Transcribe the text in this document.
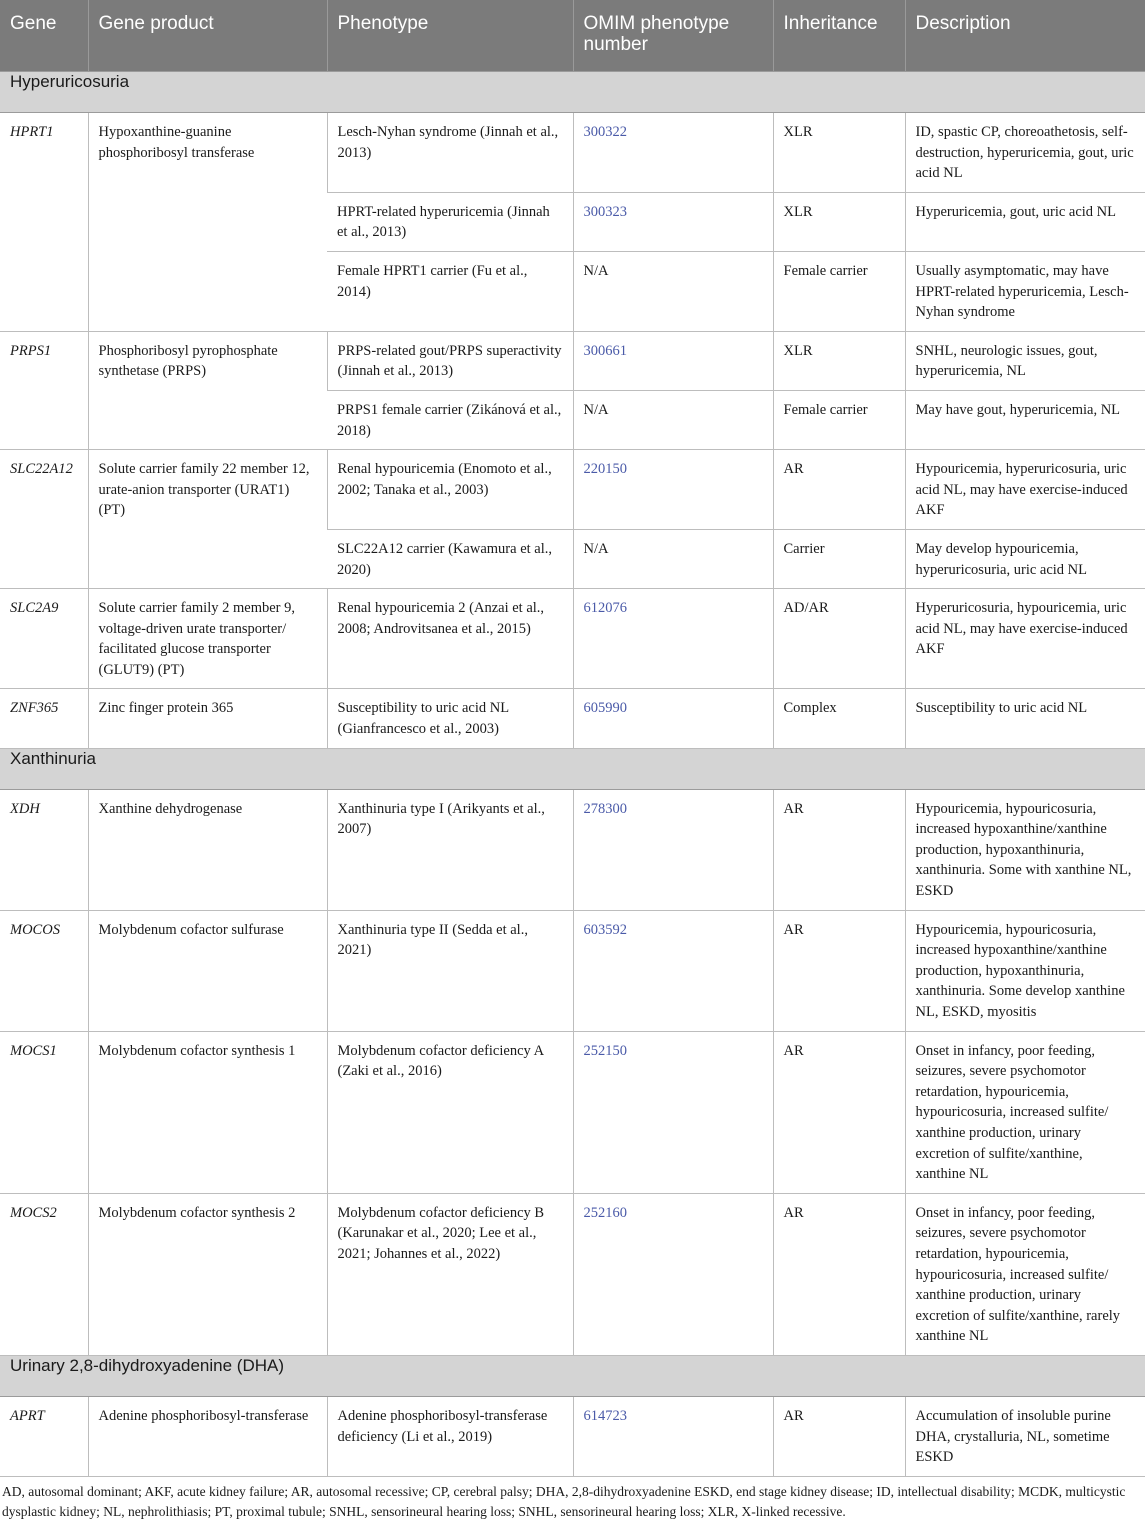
Gene	Gene product	Phenotype	OMIM phenotype number	Inheritance	Description
Hyperuricosuria					
HPRT1	Hypoxanthine-guanine phosphoribosyl transferase	Lesch-Nyhan syndrome (Jinnah et al., 2013)	300322	XLR	ID, spastic CP, choreoathetosis, self-destruction, hyperuricemia, gout, uric acid NL
		HPRT-related hyperuricemia (Jinnah et al., 2013)	300323	XLR	Hyperuricemia, gout, uric acid NL
		Female HPRT1 carrier (Fu et al., 2014)	N/A	Female carrier	Usually asymptomatic, may have HPRT-related hyperuricemia, Lesch-Nyhan syndrome
PRPS1	Phosphoribosyl pyrophosphate synthetase (PRPS)	PRPS-related gout/PRPS superactivity (Jinnah et al., 2013)	300661	XLR	SNHL, neurologic issues, gout, hyperuricemia, NL
		PRPS1 female carrier (Zikánová et al., 2018)	N/A	Female carrier	May have gout, hyperuricemia, NL
SLC22A12	Solute carrier family 22 member 12, urate-anion transporter (URAT1) (PT)	Renal hypouricemia (Enomoto et al., 2002; Tanaka et al., 2003)	220150	AR	Hypouricemia, hyperuricosuria, uric acid NL, may have exercise-induced AKF
		SLC22A12 carrier (Kawamura et al., 2020)	N/A	Carrier	May develop hypouricemia, hyperuricosuria, uric acid NL
SLC2A9	Solute carrier family 2 member 9, voltage-driven urate transporter/ facilitated glucose transporter (GLUT9) (PT)	Renal hypouricemia 2 (Anzai et al., 2008; Androvitsanea et al., 2015)	612076	AD/AR	Hyperuricosuria, hypouricemia, uric acid NL, may have exercise-induced AKF
ZNF365	Zinc finger protein 365	Susceptibility to uric acid NL (Gianfrancesco et al., 2003)	605990	Complex	Susceptibility to uric acid NL
Xanthinuria					
XDH	Xanthine dehydrogenase	Xanthinuria type I (Arikyants et al., 2007)	278300	AR	Hypouricemia, hypouricosuria, increased hypoxanthine/xanthine production, hypoxanthinuria, xanthinuria. Some with xanthine NL, ESKD
MOCOS	Molybdenum cofactor sulfurase	Xanthinuria type II (Sedda et al., 2021)	603592	AR	Hypouricemia, hypouricosuria, increased hypoxanthine/xanthine production, hypoxanthinuria, xanthinuria. Some develop xanthine NL, ESKD, myositis
MOCS1	Molybdenum cofactor synthesis 1	Molybdenum cofactor deficiency A (Zaki et al., 2016)	252150	AR	Onset in infancy, poor feeding, seizures, severe psychomotor retardation, hypouricemia, hypouricosuria, increased sulfite/ xanthine production, urinary excretion of sulfite/xanthine, xanthine NL
MOCS2	Molybdenum cofactor synthesis 2	Molybdenum cofactor deficiency B (Karunakar et al., 2020; Lee et al., 2021; Johannes et al., 2022)	252160	AR	Onset in infancy, poor feeding, seizures, severe psychomotor retardation, hypouricemia, hypouricosuria, increased sulfite/ xanthine production, urinary excretion of sulfite/xanthine, rarely xanthine NL
Urinary 2,8-dihydroxyadenine (DHA)					
APRT	Adenine phosphoribosyl-transferase	Adenine phosphoribosyl-transferase deficiency (Li et al., 2019)	614723	AR	Accumulation of insoluble purine DHA, crystalluria, NL, sometime ESKD
AD, autosomal dominant; AKF, acute kidney failure; AR, autosomal recessive; CP, cerebral palsy; DHA, 2,8-dihydroxyadenine ESKD, end stage kidney disease; ID, intellectual disability; MCDK, multicystic dysplastic kidney; NL, nephrolithiasis; PT, proximal tubule; SNHL, sensorineural hearing loss; SNHL, sensorineural hearing loss; XLR, X-linked recessive.
